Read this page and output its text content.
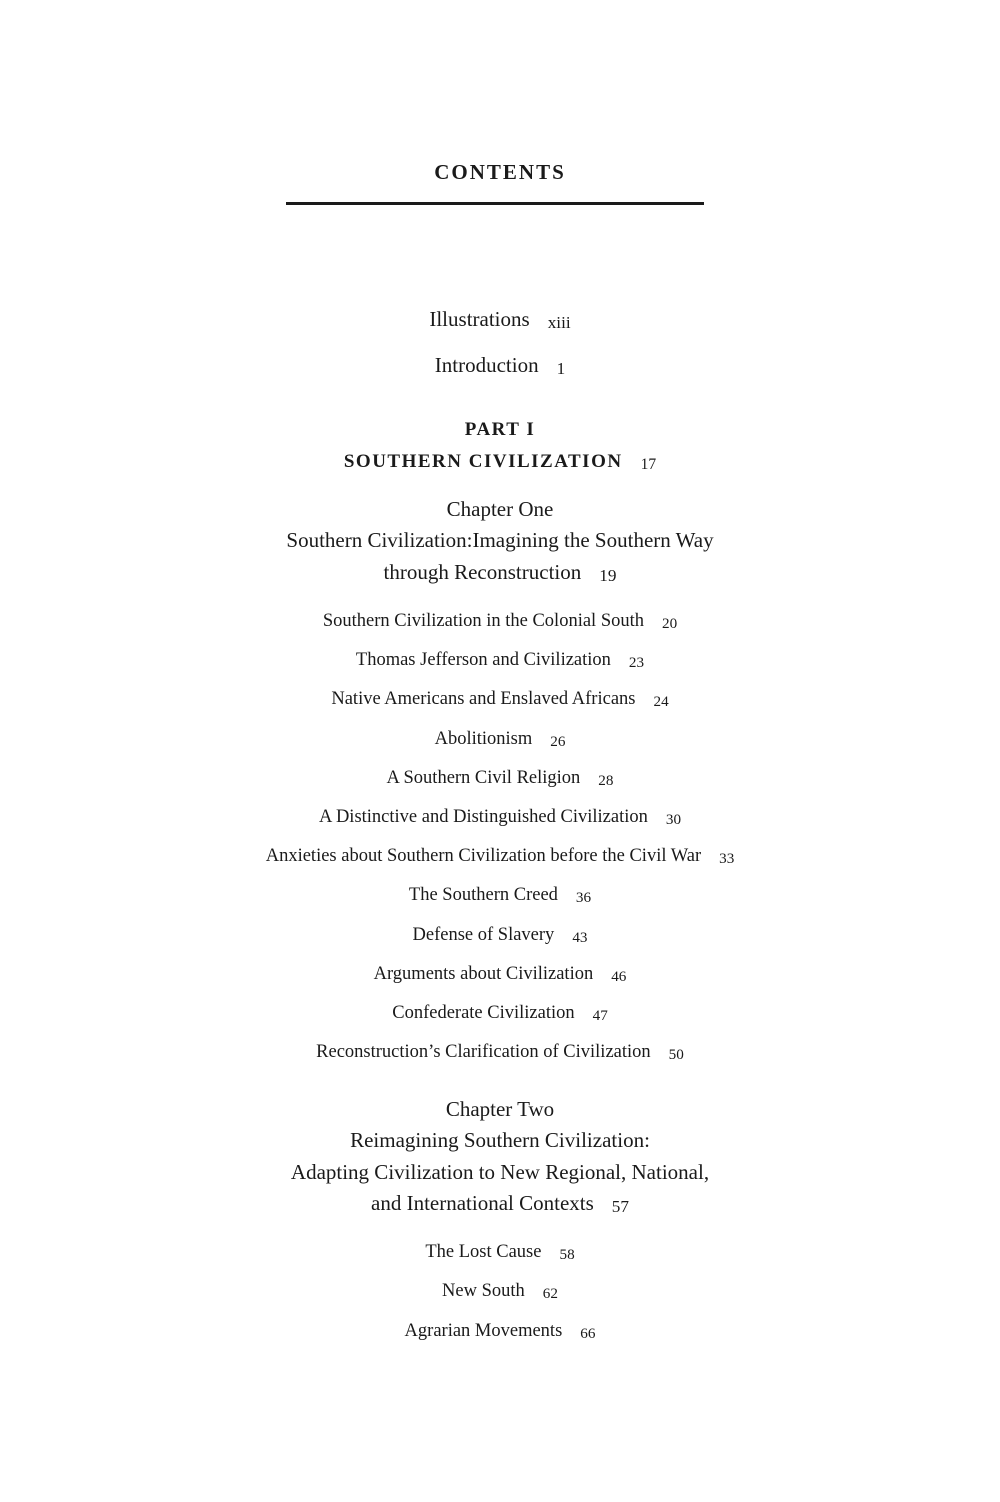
CONTENTS
Illustrations xiii
Introduction 1
PART I
SOUTHERN CIVILIZATION 17
Chapter One
Southern Civilization:Imagining the Southern Way
through Reconstruction 19
Southern Civilization in the Colonial South 20
Thomas Jefferson and Civilization 23
Native Americans and Enslaved Africans 24
Abolitionism 26
A Southern Civil Religion 28
A Distinctive and Distinguished Civilization 30
Anxieties about Southern Civilization before the Civil War 33
The Southern Creed 36
Defense of Slavery 43
Arguments about Civilization 46
Confederate Civilization 47
Reconstruction’s Clarification of Civilization 50
Chapter Two
Reimagining Southern Civilization:
Adapting Civilization to New Regional, National,
and International Contexts 57
The Lost Cause 58
New South 62
Agrarian Movements 66
